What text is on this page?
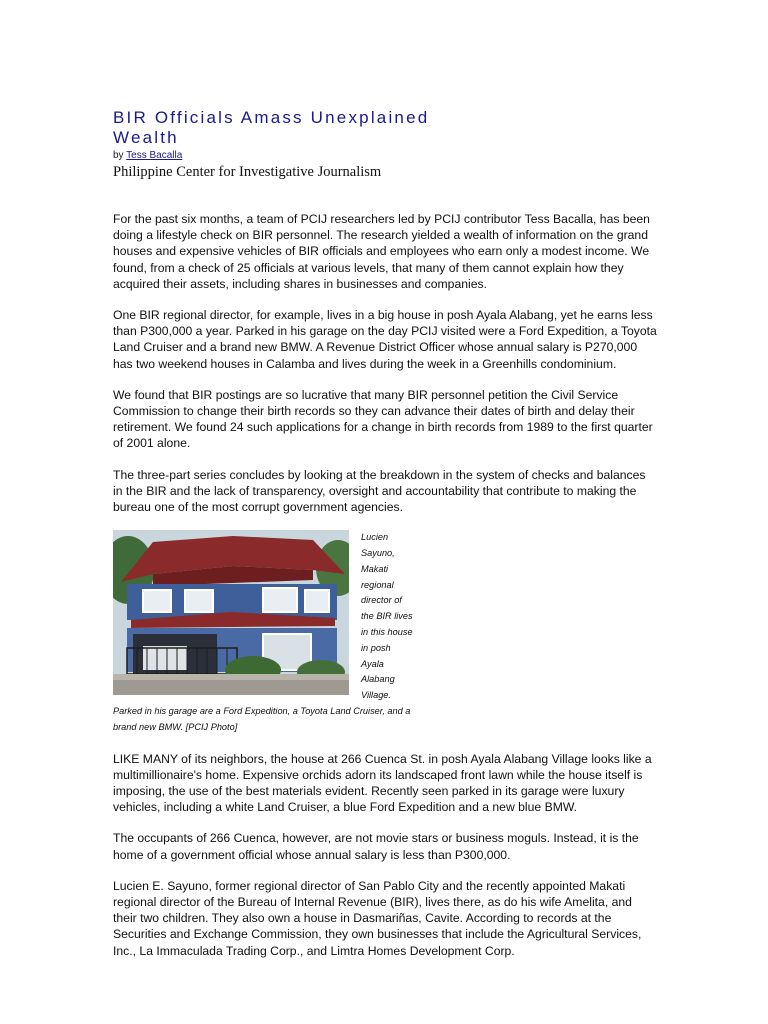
BIR Officials Amass Unexplained Wealth
by Tess Bacalla
Philippine Center for Investigative Journalism

For the past six months, a team of PCIJ researchers led by PCIJ contributor Tess Bacalla, has been doing a lifestyle check on BIR personnel. The research yielded a wealth of information on the grand houses and expensive vehicles of BIR officials and employees who earn only a modest income. We found, from a check of 25 officials at various levels, that many of them cannot explain how they acquired their assets, including shares in businesses and companies.

One BIR regional director, for example, lives in a big house in posh Ayala Alabang, yet he earns less than P300,000 a year. Parked in his garage on the day PCIJ visited were a Ford Expedition, a Toyota Land Cruiser and a brand new BMW. A Revenue District Officer whose annual salary is P270,000 has two weekend houses in Calamba and lives during the week in a Greenhills condominium.

We found that BIR postings are so lucrative that many BIR personnel petition the Civil Service Commission to change their birth records so they can advance their dates of birth and delay their retirement. We found 24 such applications for a change in birth records from 1989 to the first quarter of 2001 alone.

The three-part series concludes by looking at the breakdown in the system of checks and balances in the BIR and the lack of transparency, oversight and accountability that contribute to making the bureau one of the most corrupt government agencies.

Lucien Sayuno, Makati regional director of the BIR lives in this house in posh Ayala Alabang Village. Parked in his garage are a Ford Expedition, a Toyota Land Cruiser, and a brand new BMW. [PCIJ Photo]

LIKE MANY of its neighbors, the house at 266 Cuenca St. in posh Ayala Alabang Village looks like a multimillionaire's home. Expensive orchids adorn its landscaped front lawn while the house itself is imposing, the use of the best materials evident. Recently seen parked in its garage were luxury vehicles, including a white Land Cruiser, a blue Ford Expedition and a new blue BMW.

The occupants of 266 Cuenca, however, are not movie stars or business moguls. Instead, it is the home of a government official whose annual salary is less than P300,000.

Lucien E. Sayuno, former regional director of San Pablo City and the recently appointed Makati regional director of the Bureau of Internal Revenue (BIR), lives there, as do his wife Amelita, and their two children. They also own a house in Dasmariñas, Cavite. According to records at the Securities and Exchange Commission, they own businesses that include the Agricultural Services, Inc., La Immaculada Trading Corp., and Limtra Homes Development Corp.
